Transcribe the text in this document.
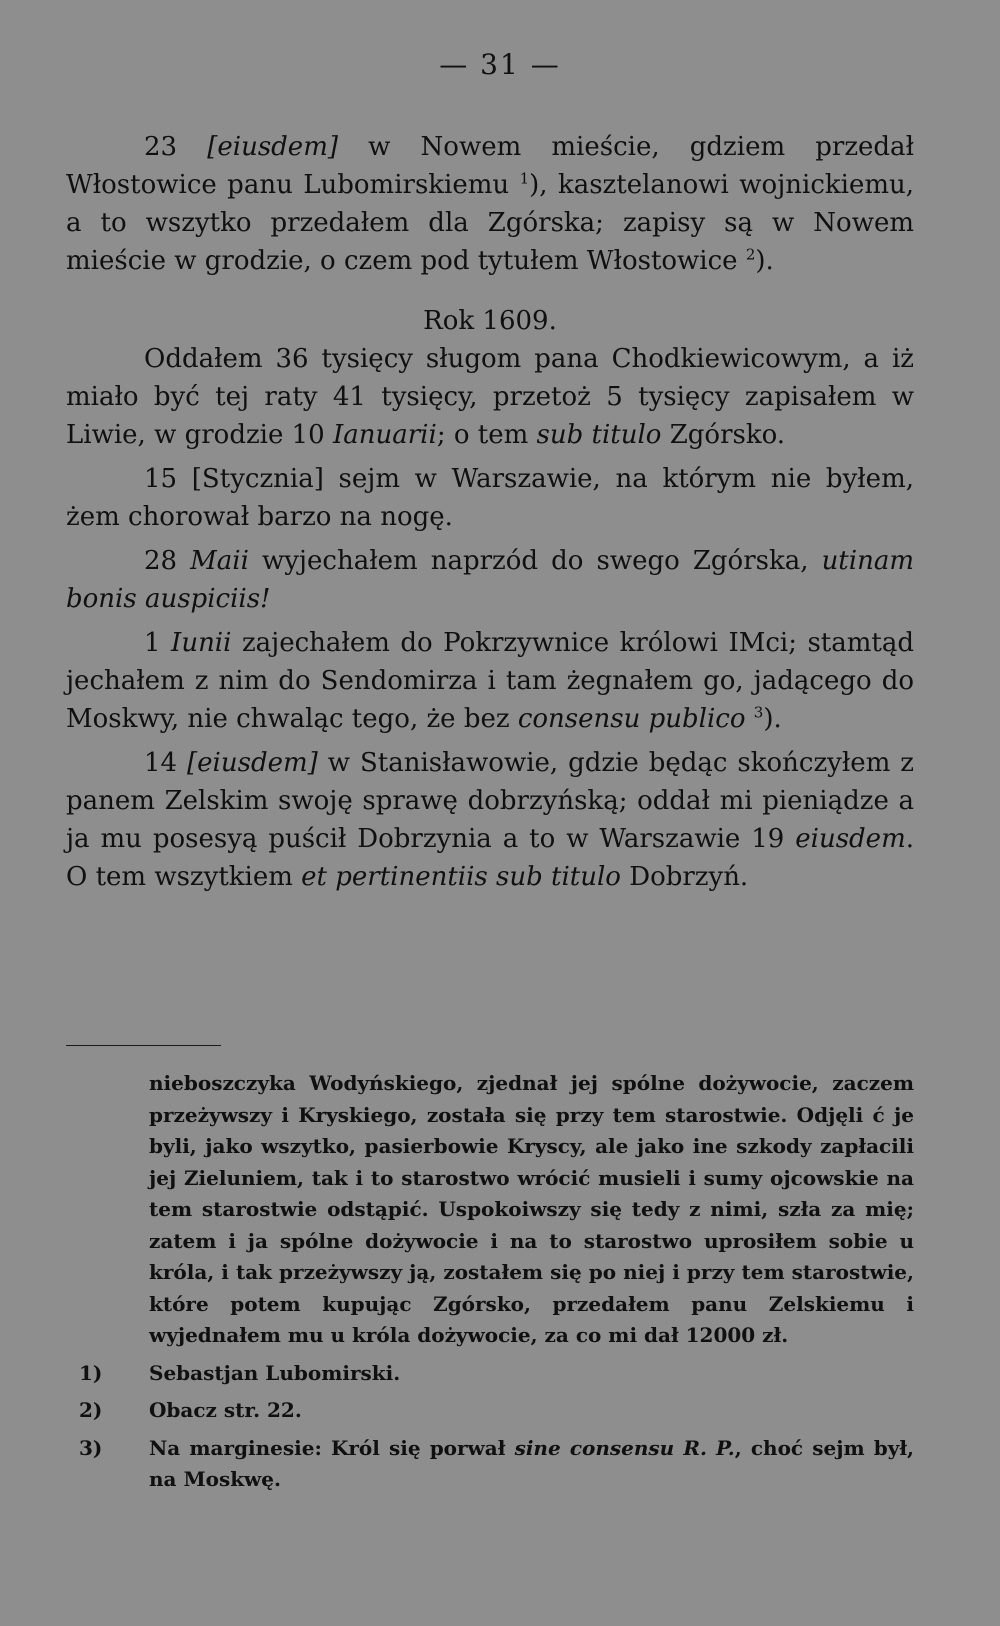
— 31 —

23 [eiusdem] w Nowem mieście, gdziem przedał Włostowice panu Lubomirskiemu $^1$), kasztelanowi wojnickiemu, a to wszytko przedałem dla Zgórska; zapisy są w Nowem mieście w grodzie, o czem pod tytułem Włostowice $^2$).

Rok 1609.

Oddałem 36 tysięcy sługom pana Chodkiewicowym, a iż miało być tej raty 41 tysięcy, przetoż 5 tysięcy zapisałem w Liwie, w grodzie 10 Ianuarii; o tem sub titulo Zgórsko.

15 [Stycznia] sejm w Warszawie, na którym nie byłem, żem chorował barzo na nogę.

28 Maii wyjechałem naprzód do swego Zgórska, utinam bonis auspiciis!

1 Iunii zajechałem do Pokrzywnice królowi IMci; stamtąd jechałem z nim do Sendomirza i tam żegnałem go, jadącego do Moskwy, nie chwaląc tego, że bez consensu publico $^3$).

14 [eiusdem] w Stanisławowie, gdzie będąc skończyłem z panem Zelskim swoję sprawę dobrzyńską; oddał mi pieniądze a ja mu posesyą puścił Dobrzynia a to w Warszawie 19 eiusdem. O tem wszytkiem et pertinentiis sub titulo Dobrzyń.

nieboszczyka Wodyńskiego, zjednał jej spólne dożywocie, zaczem przeżywszy i Kryskiego, została się przy tem starostwie. Odjęli ć je byli, jako wszytko, pasierbowie Kryscy, ale jako ine szkody zapłacili jej Zieluniem, tak i to starostwo wrócić musieli i sumy ojcowskie na tem starostwie odstąpić. Uspokoiwszy się tedy z nimi, szła za mię; zatem i ja spólne dożywocie i na to starostwo uprosiłem sobie u króla, i tak przeżywszy ją, zostałem się po niej i przy tem starostwie, które potem kupując Zgórsko, przedałem panu Zelskiemu i wyjednałem mu u króla dożywocie, za co mi dał 12000 zł.

1)	Sebastjan Lubomirski.
2)	Obacz str. 22.
3)	Na marginesie: Król się porwał sine consensu R. P., choć sejm był, na Moskwę.
